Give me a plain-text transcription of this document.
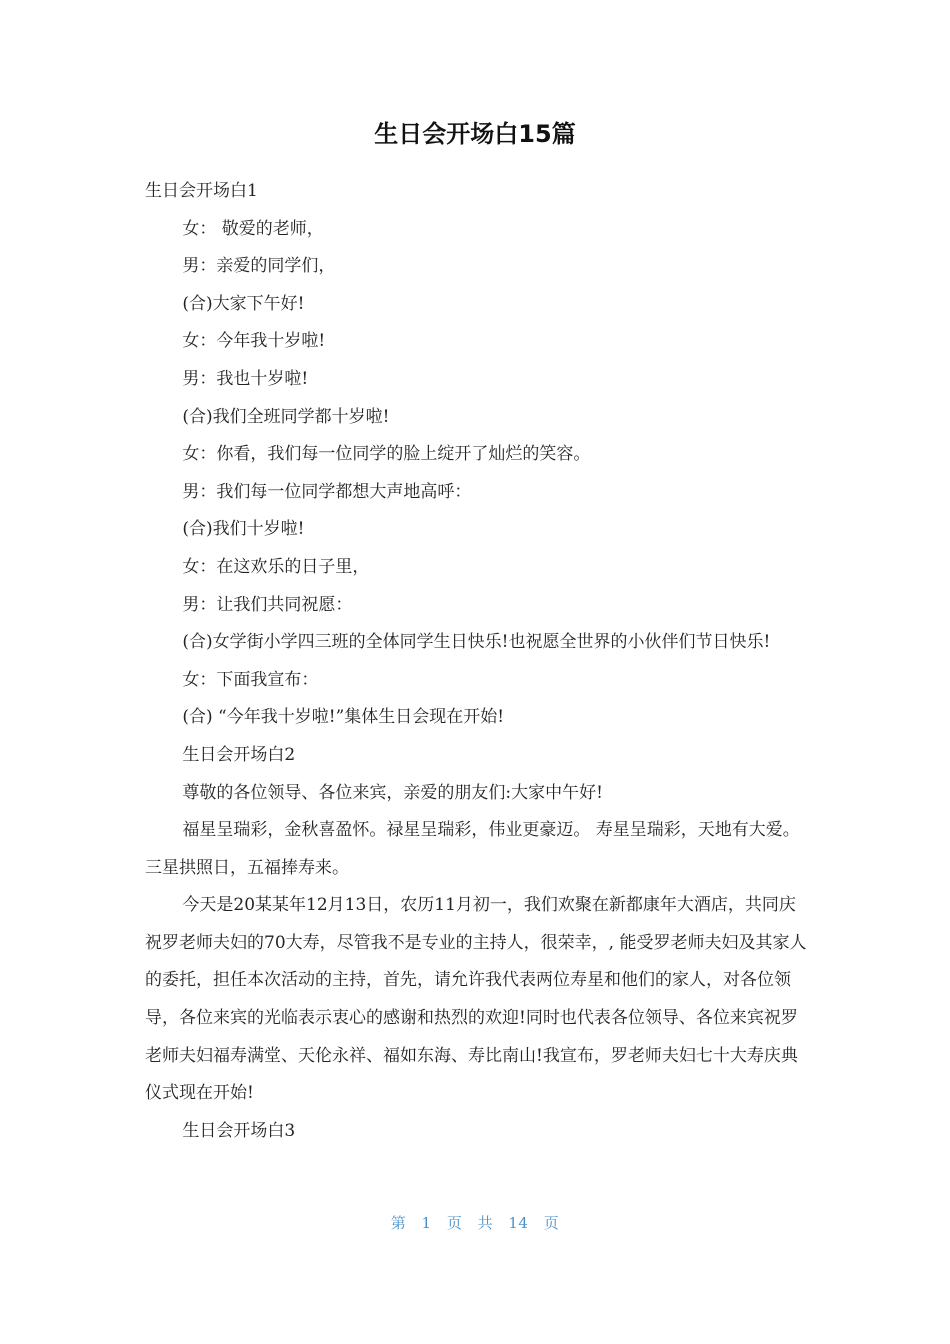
生日会开场白15篇

生日会开场白1

女： 敬爱的老师，

男：亲爱的同学们，

(合)大家下午好!

女：今年我十岁啦!

男：我也十岁啦!

(合)我们全班同学都十岁啦!

女：你看，我们每一位同学的脸上绽开了灿烂的笑容。

男：我们每一位同学都想大声地高呼：

(合)我们十岁啦!

女：在这欢乐的日子里，

男：让我们共同祝愿：

(合)女学街小学四三班的全体同学生日快乐!也祝愿全世界的小伙伴们节日快乐!

女：下面我宣布：

(合) “今年我十岁啦!”集体生日会现在开始!

生日会开场白2

尊敬的各位领导、各位来宾，亲爱的朋友们:大家中午好!

福星呈瑞彩，金秋喜盈怀。禄星呈瑞彩，伟业更豪迈。 寿星呈瑞彩，天地有大爱。三星拱照日，五福捧寿来。

今天是20某某年12月13日，农历11月初一，我们欢聚在新都康年大酒店，共同庆祝罗老师夫妇的70大寿，尽管我不是专业的主持人，很荣幸，, 能受罗老师夫妇及其家人的委托，担任本次活动的主持，首先，请允许我代表两位寿星和他们的家人，对各位领导，各位来宾的光临表示衷心的感谢和热烈的欢迎!同时也代表各位领导、各位来宾祝罗老师夫妇福寿满堂、天伦永祥、福如东海、寿比南山!我宣布，罗老师夫妇七十大寿庆典仪式现在开始!

生日会开场白3

第 1 页 共 14 页
